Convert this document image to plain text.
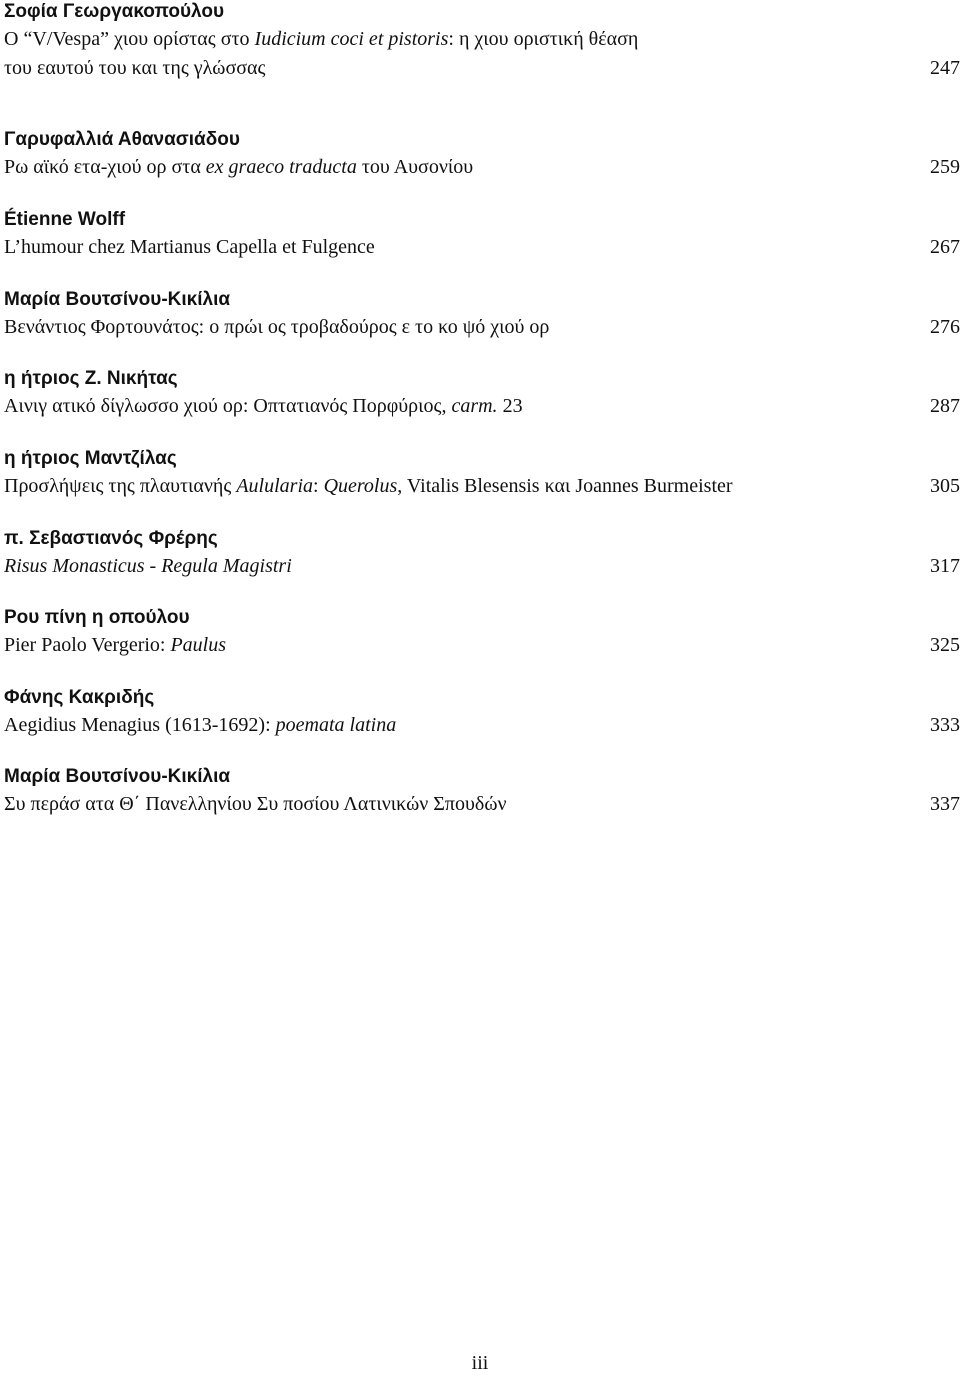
Σοφία Γεωργακοπούλου
O “V/Vespa” χιου ορίστας στο Iudicium coci et pistoris: η χιου οριστική θέαση
του εαυτού του και της γλώσσας	247
Γαρυφαλλιά Αθανασιάδου
Ρω αϊκό ετα-χιού ορ στα ex graeco traducta του Αυσονίου	259
Étienne Wolff
L’humour chez Martianus Capella et Fulgence	267
Μαρία Βουτσίνου-Κικίλια
Βενάντιος Φορτουνάτος: ο πρώι ος τροβαδούρος ε το κο ψό χιού ορ	276
η ήτριος Ζ. Νικήτας
Αινιγ ατικό δίγλωσσο χιού ορ: Οπτατιανός Πορφύριος, carm. 23	287
η ήτριος Μαντζίλας
Προσλήψεις της πλαυτιανής Aulularia: Querolus, Vitalis Blesensis και Joannes Burmeister	305
π. Σεβαστιανός Φρέρης
Risus Monasticus - Regula Magistri	317
Ρου πίνη η οπούλου
Pier Paolo Vergerio: Paulus	325
Φάνης Κακριδής
Aegidius Menagius (1613-1692): poemata latina	333
Μαρία Βουτσίνου-Κικίλια
Συ περάσ ατα Θ΄ Πανελληνίου Συ ποσίου Λατινικών Σπουδών	337
iii
